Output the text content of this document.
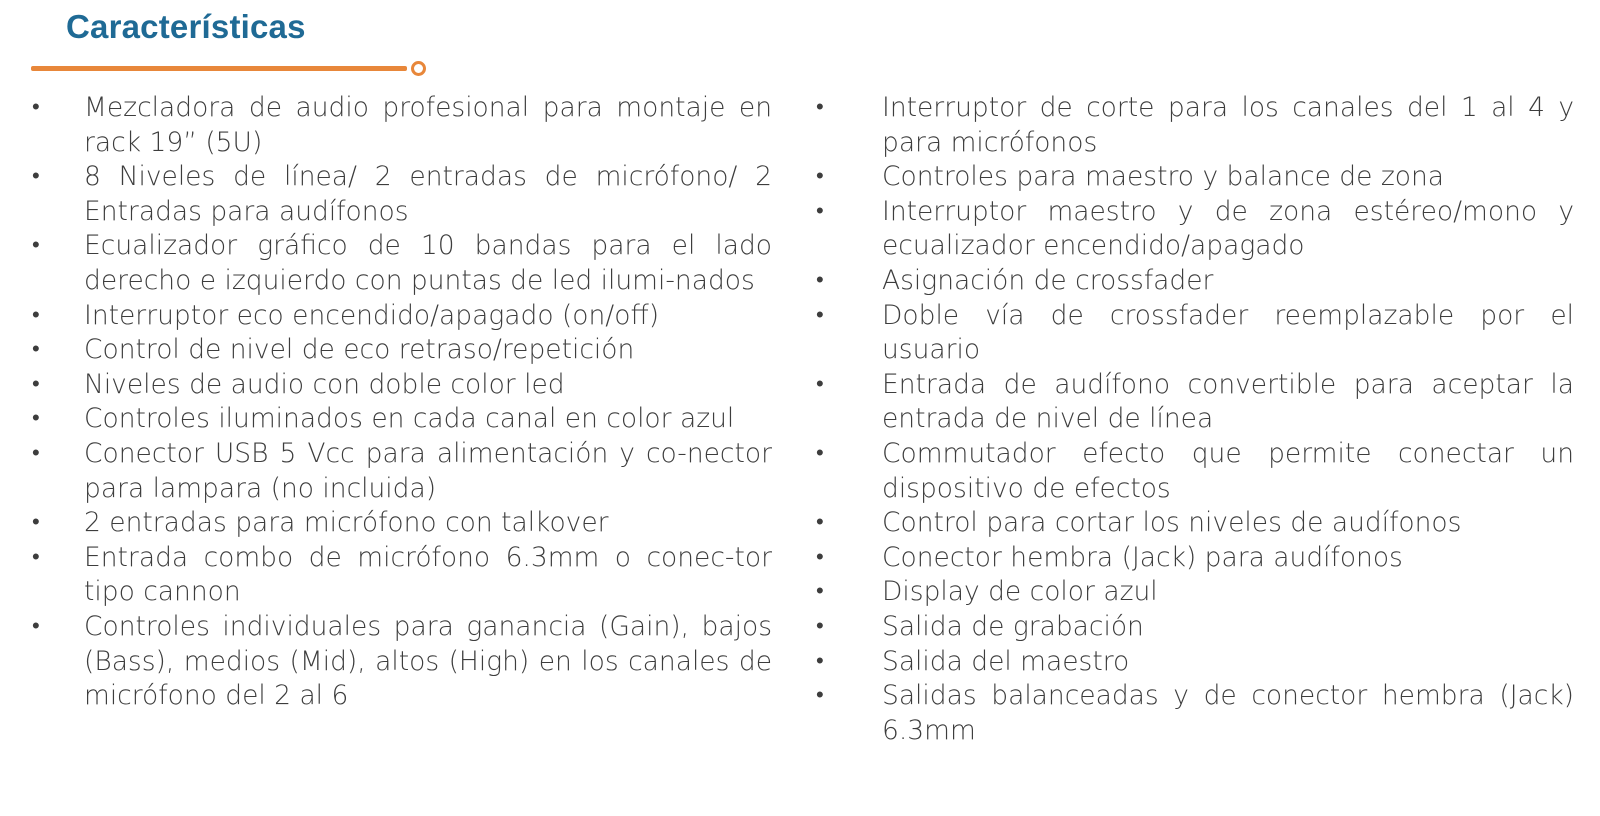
Características
• Mezcladora de audio profesional para montaje en rack 19” (5U)
• 8 Niveles de línea/ 2 entradas de micrófono/ 2 Entradas para audífonos
• Ecualizador gráfico de 10 bandas para el lado derecho e izquierdo con puntas de led ilumi-nados
• Interruptor eco encendido/apagado (on/off)
• Control de nivel de eco retraso/repetición
• Niveles de audio con doble color led
• Controles iluminados en cada canal en color azul
• Conector USB 5 Vcc para alimentación y co-nector para lampara (no incluida)
• 2 entradas para micrófono con talkover
• Entrada combo de micrófono 6.3mm o conec-tor tipo cannon
• Controles individuales para ganancia (Gain), bajos (Bass), medios (Mid), altos (High) en los canales de micrófono del 2 al 6
• Interruptor de corte para los canales del 1 al 4 y para micrófonos
• Controles para maestro y balance de zona
• Interruptor maestro y de zona estéreo/mono y ecualizador encendido/apagado
• Asignación de crossfader
• Doble vía de crossfader reemplazable por el usuario
• Entrada de audífono convertible para aceptar la entrada de nivel de línea
• Commutador efecto que permite conectar un dispositivo de efectos
• Control para cortar los niveles de audífonos
• Conector hembra (Jack) para audífonos
• Display de color azul
• Salida de grabación
• Salida del maestro
• Salidas balanceadas y de conector hembra (Jack) 6.3mm
